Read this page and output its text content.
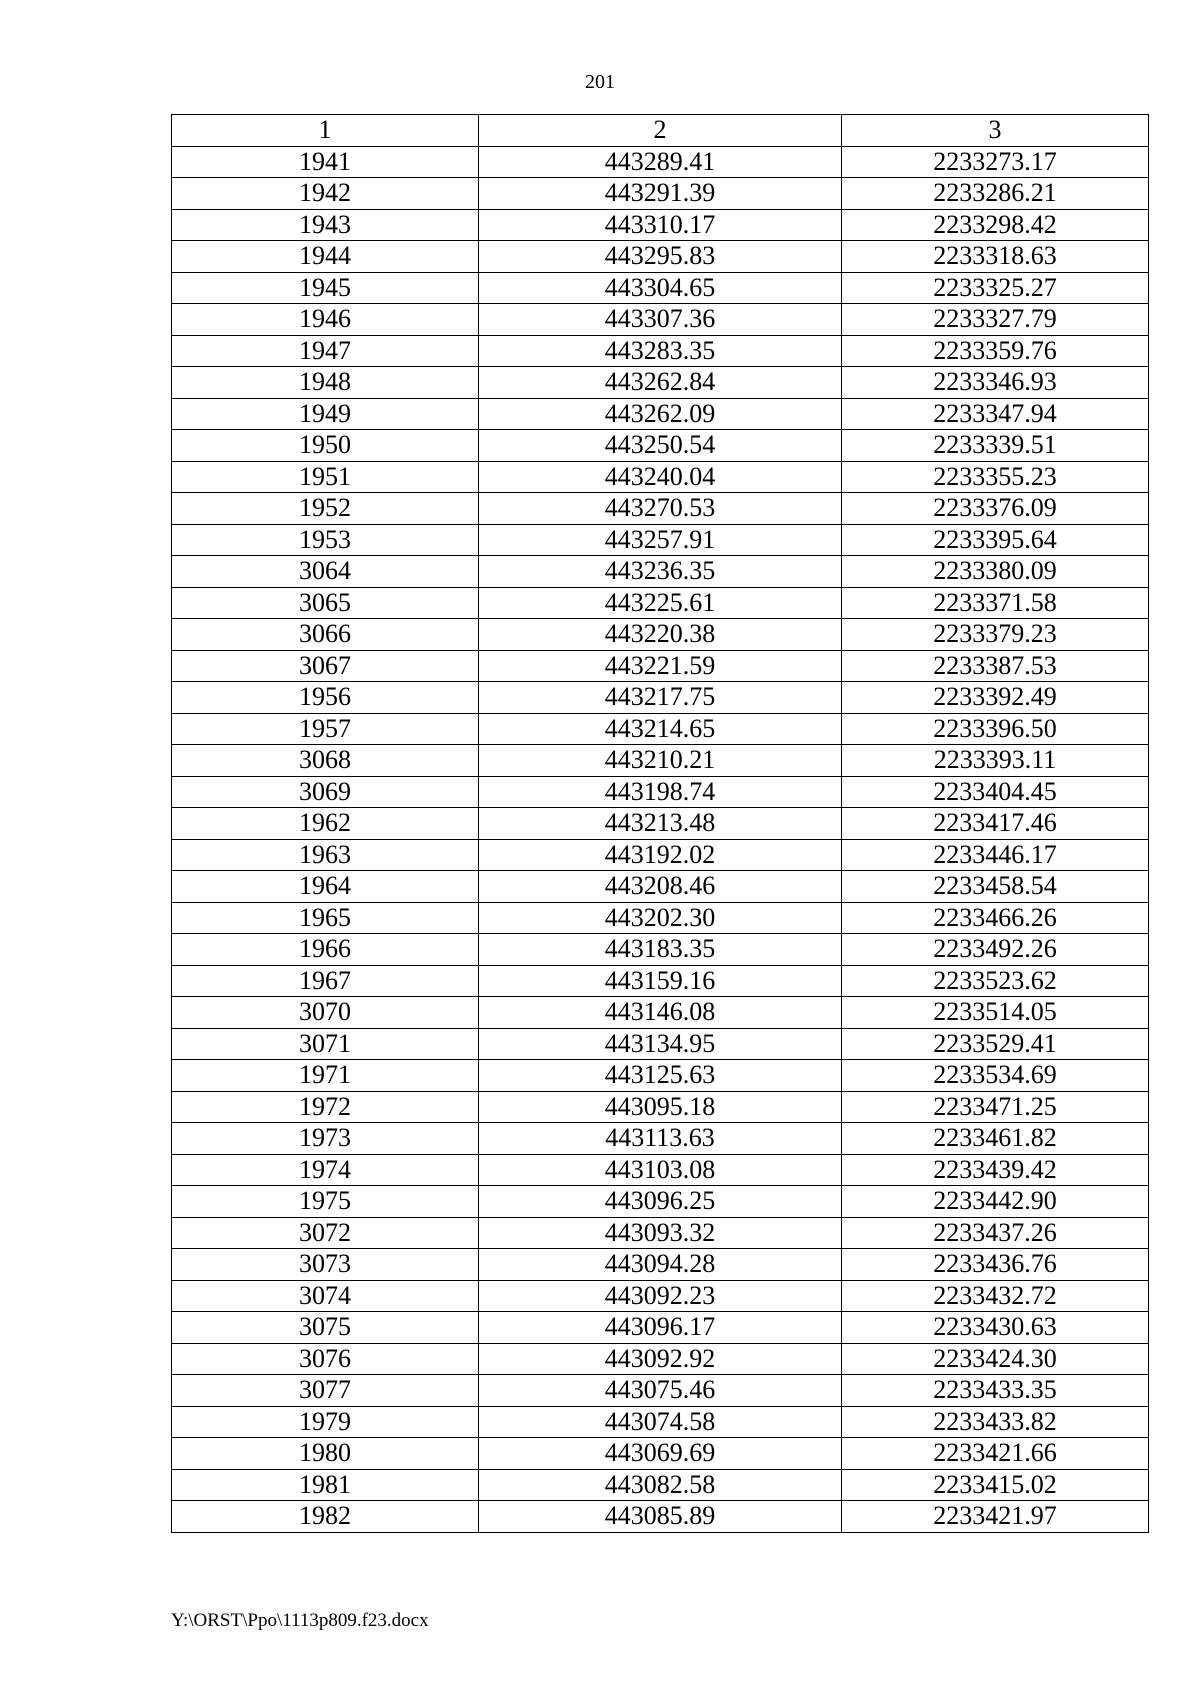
201
1	2	3
1941	443289.41	2233273.17
1942	443291.39	2233286.21
1943	443310.17	2233298.42
1944	443295.83	2233318.63
1945	443304.65	2233325.27
1946	443307.36	2233327.79
1947	443283.35	2233359.76
1948	443262.84	2233346.93
1949	443262.09	2233347.94
1950	443250.54	2233339.51
1951	443240.04	2233355.23
1952	443270.53	2233376.09
1953	443257.91	2233395.64
3064	443236.35	2233380.09
3065	443225.61	2233371.58
3066	443220.38	2233379.23
3067	443221.59	2233387.53
1956	443217.75	2233392.49
1957	443214.65	2233396.50
3068	443210.21	2233393.11
3069	443198.74	2233404.45
1962	443213.48	2233417.46
1963	443192.02	2233446.17
1964	443208.46	2233458.54
1965	443202.30	2233466.26
1966	443183.35	2233492.26
1967	443159.16	2233523.62
3070	443146.08	2233514.05
3071	443134.95	2233529.41
1971	443125.63	2233534.69
1972	443095.18	2233471.25
1973	443113.63	2233461.82
1974	443103.08	2233439.42
1975	443096.25	2233442.90
3072	443093.32	2233437.26
3073	443094.28	2233436.76
3074	443092.23	2233432.72
3075	443096.17	2233430.63
3076	443092.92	2233424.30
3077	443075.46	2233433.35
1979	443074.58	2233433.82
1980	443069.69	2233421.66
1981	443082.58	2233415.02
1982	443085.89	2233421.97
Y:\ORST\Ppo\1113p809.f23.docx
